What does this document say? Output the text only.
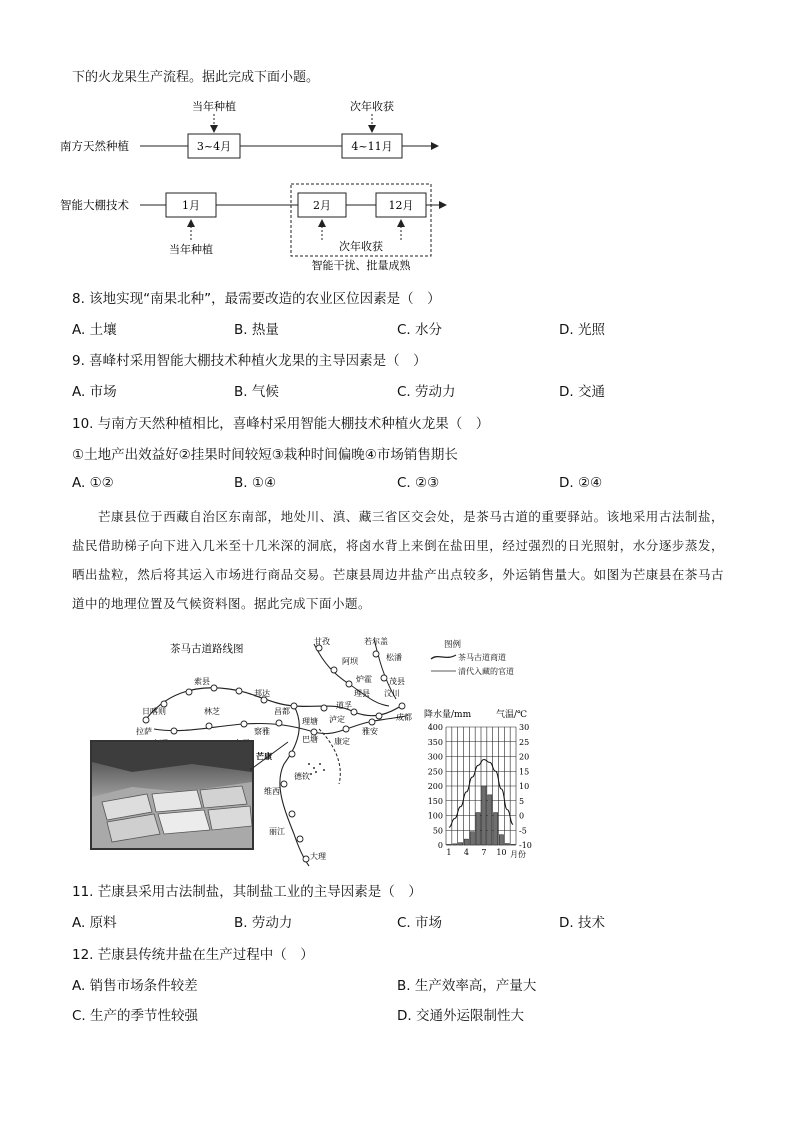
下的火龙果生产流程。据此完成下面小题。
南方天然种植	3~4月	4~11月
当年种植	次年收获
智能大棚技术	1月	2月	12月
当年种植	次年收获
智能干扰、批量成熟
8. 该地实现“南果北种”，最需要改造的农业区位因素是（　）
A. 土壤	B. 热量	C. 水分	D. 光照
9. 喜峰村采用智能大棚技术种植火龙果的主导因素是（　）
A. 市场	B. 气候	C. 劳动力	D. 交通
10. 与南方天然种植相比，喜峰村采用智能大棚技术种植火龙果（　）
①土地产出效益好②挂果时间较短③栽种时间偏晚④市场销售期长
A. ①②	B. ①④	C. ②③	D. ②④
芒康县位于西藏自治区东南部，地处川、滇、藏三省区交会处，是茶马古道的重要驿站。该地采用古法制盐，盐民借助梯子向下进入几米至十几米深的洞底，将卤水背上来倒在盐田里，经过强烈的日光照射，水分逐步蒸发，晒出盐粒，然后将其运入市场进行商品交易。芒康县周边井盐产出点较多，外运销售量大。如图为芒康县在茶马古道中的地理位置及气候资料图。据此完成下面小题。
茶马古道路线图
甘孜	若尔盖
阿坝	松潘
炉霍 茂县
理县 汶川
成都
雅安
道孚
泸定
康定
理塘
巴塘
昌都
察雅
芒康
邦达
德钦
维西
丽江
大理
索县
拉萨
日喀则	林芝
图例
茶马古道商道
清代入藏的官道
降水量/mm	气温/℃
400
350
300
250
200
150
100
50
0
30
25
20
15
10
5
0
-5
-10
1 4 7 10 月份
11. 芒康县采用古法制盐，其制盐工业的主导因素是（　）
A. 原料	B. 劳动力	C. 市场	D. 技术
12. 芒康县传统井盐在生产过程中（　）
A. 销售市场条件较差	B. 生产效率高，产量大
C. 生产的季节性较强	D. 交通外运限制性大
